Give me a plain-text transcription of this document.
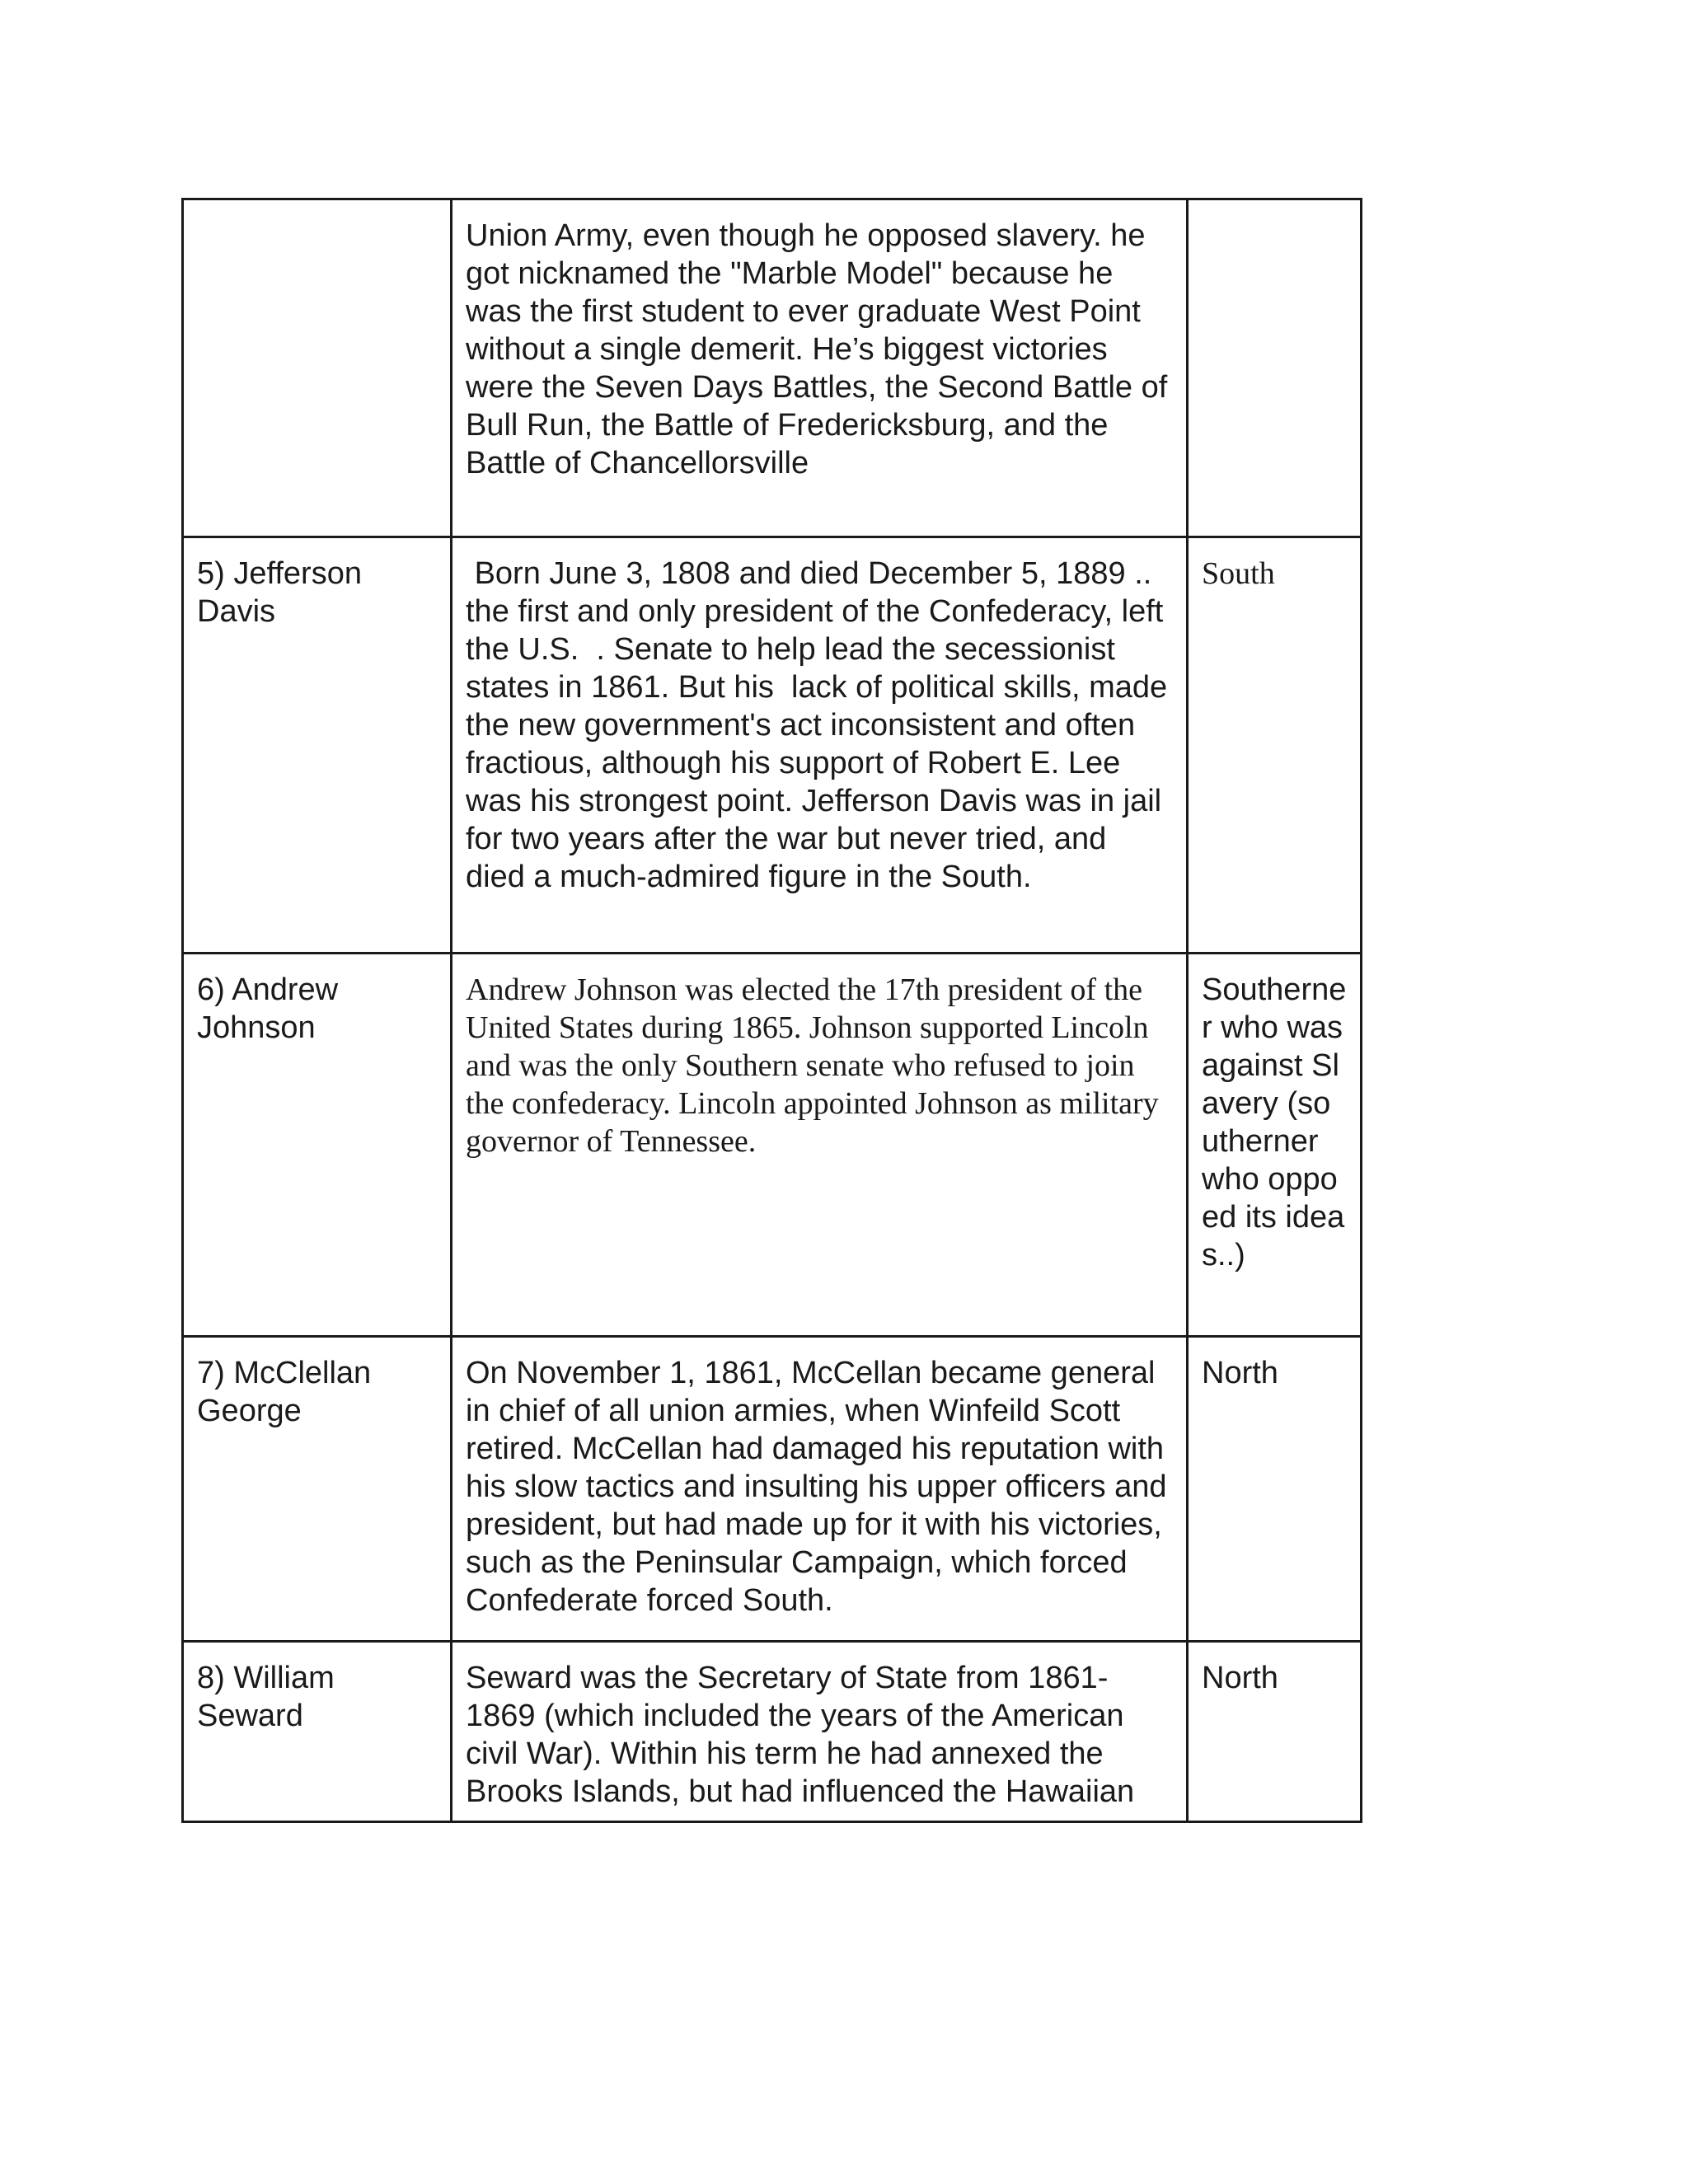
	Union Army, even though he opposed slavery. he got nicknamed the "Marble Model" because he was the first student to ever graduate West Point without a single demerit. He’s biggest victories were the Seven Days Battles, the Second Battle of Bull Run, the Battle of Fredericksburg, and the Battle of Chancellorsville	
5) Jefferson Davis	Born June 3, 1808 and died December 5, 1889 .. the first and only president of the Confederacy, left the U.S.  . Senate to help lead the secessionist states in 1861. But his  lack of political skills, made the new government's act inconsistent and often fractious, although his support of Robert E. Lee was his strongest point. Jefferson Davis was in jail for two years after the war but never tried, and died a much-admired figure in the South.	South
6) Andrew Johnson	Andrew Johnson was elected the 17th president of the United States during 1865. Johnson supported Lincoln and was the only Southern senate who refused to join the confederacy. Lincoln appointed Johnson as military governor of Tennessee.	Southerner who was against Slavery (southerner who oppoed its ideas..)
7) McClellan George	On November 1, 1861, McCellan became general in chief of all union armies, when Winfeild Scott retired. McCellan had damaged his reputation with his slow tactics and insulting his upper officers and president, but had made up for it with his victories, such as the Peninsular Campaign, which forced Confederate forced South.	North
8) William Seward	Seward was the Secretary of State from 1861-1869 (which included the years of the American civil War). Within his term he had annexed the Brooks Islands, but had influenced the Hawaiian	North
